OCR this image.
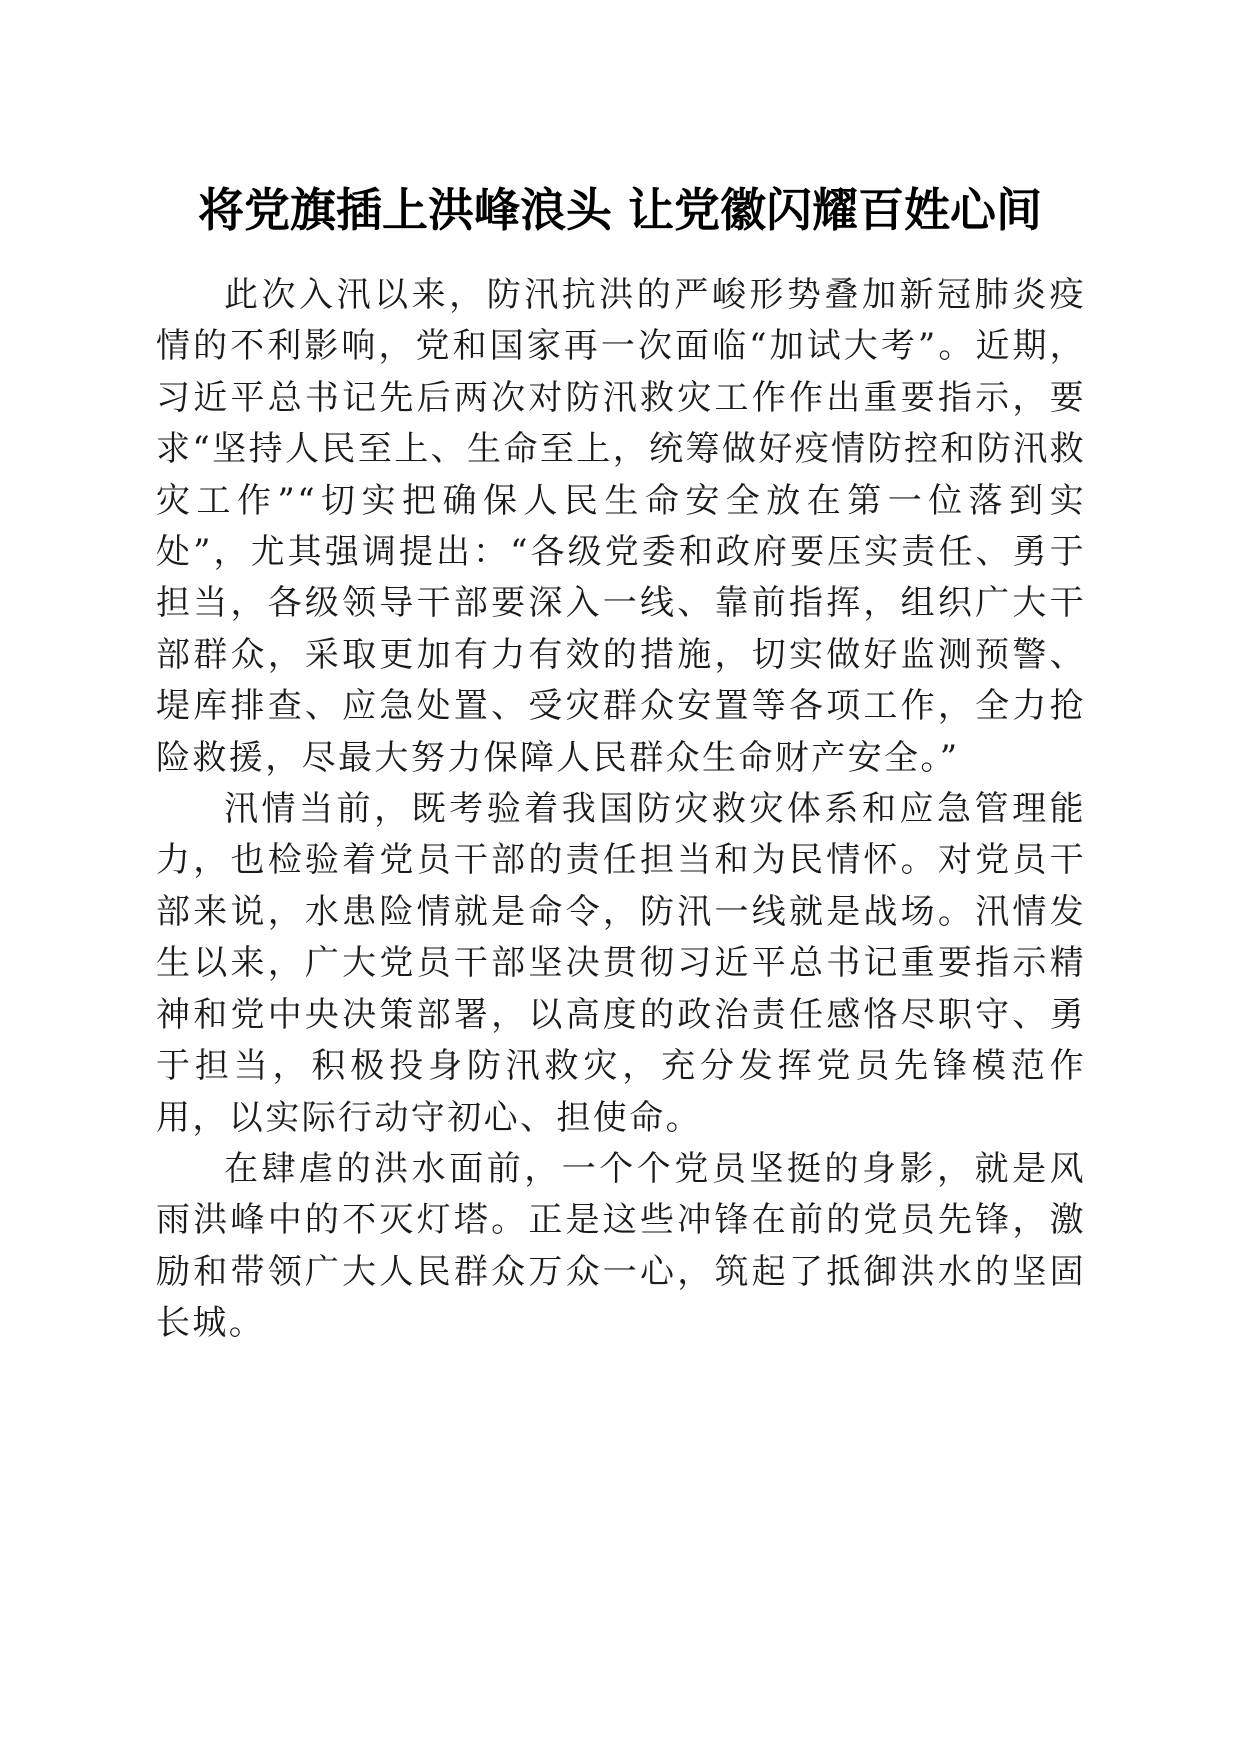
将党旗插上洪峰浪头 让党徽闪耀百姓心间

此次入汛以来，防汛抗洪的严峻形势叠加新冠肺炎疫情的不利影响，党和国家再一次面临“加试大考”。近期，习近平总书记先后两次对防汛救灾工作作出重要指示，要求“坚持人民至上、生命至上，统筹做好疫情防控和防汛救灾工作”“切实把确保人民生命安全放在第一位落到实处”，尤其强调提出：“各级党委和政府要压实责任、勇于担当，各级领导干部要深入一线、靠前指挥，组织广大干部群众，采取更加有力有效的措施，切实做好监测预警、堤库排查、应急处置、受灾群众安置等各项工作，全力抢险救援，尽最大努力保障人民群众生命财产安全。”

汛情当前，既考验着我国防灾救灾体系和应急管理能力，也检验着党员干部的责任担当和为民情怀。对党员干部来说，水患险情就是命令，防汛一线就是战场。汛情发生以来，广大党员干部坚决贯彻习近平总书记重要指示精神和党中央决策部署，以高度的政治责任感恪尽职守、勇于担当，积极投身防汛救灾，充分发挥党员先锋模范作用，以实际行动守初心、担使命。

在肆虐的洪水面前，一个个党员坚挺的身影，就是风雨洪峰中的不灭灯塔。正是这些冲锋在前的党员先锋，激励和带领广大人民群众万众一心，筑起了抵御洪水的坚固长城。
